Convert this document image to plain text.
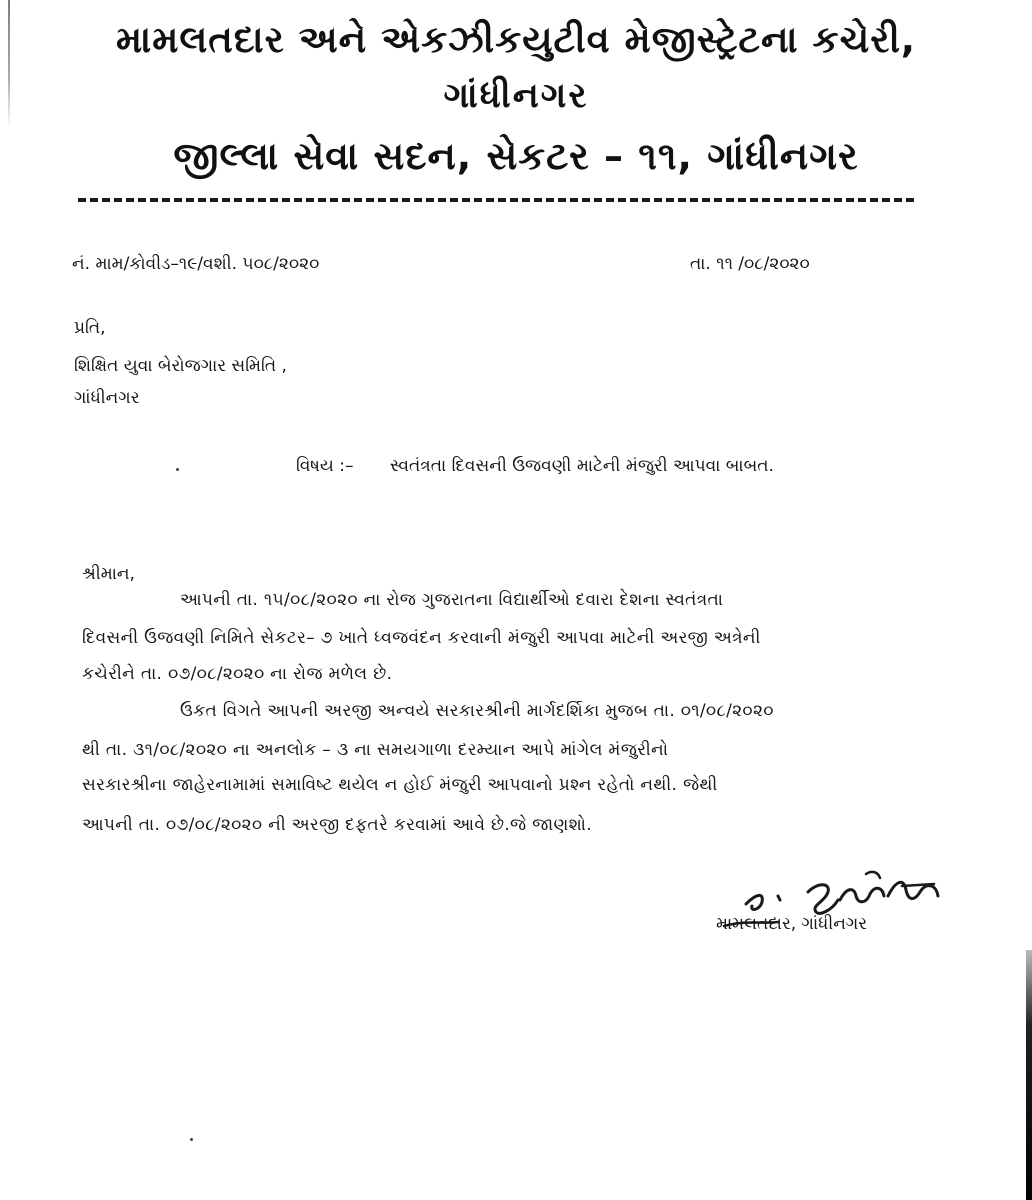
મામલતદાર અને એકઝીકયુટીવ મેજીસ્ટ્રેટના કચેરી,
ગાંધીનગર
જીલ્લા સેવા સદન, સેકટર – ૧૧, ગાંધીનગર
નં. મામ/કોવીડ–૧૯/વશી. ૫૦૮/૨૦૨૦	તા. ૧૧ /૦૮/૨૦૨૦
પ્રતિ,
શિક્ષિત યુવા બેરોજગાર સમિતિ ,
ગાંધીનગર
વિષય :– સ્વતંત્રતા દિવસની ઉજવણી માટેની મંજુરી આપવા બાબત.
શ્રીમાન,
આપની તા. ૧૫/૦૮/૨૦૨૦ ના રોજ ગુજરાતના વિદ્યાર્થીઓ દવારા દેશના સ્વતંત્રતા
દિવસની ઉજવણી નિમિતે સેકટર– ૭ ખાતે ધ્વજવંદન કરવાની મંજુરી આપવા માટેની અરજી અત્રેની
કચેરીને તા. ૦૭/૦૮/૨૦૨૦ ના રોજ મળેલ છે.
ઉકત વિગતે આપની અરજી અન્વયે સરકારશ્રીની માર્ગદર્શિકા મુજબ તા. ૦૧/૦૮/૨૦૨૦
થી તા. ૩૧/૦૮/૨૦૨૦ ના અનલોક – ૩ ના સમયગાળા દરમ્યાન આપે માંગેલ મંજુરીનો
સરકારશ્રીના જાહેરનામામાં સમાવિષ્ટ થયેલ ન હોઈ મંજુરી આપવાનો પ્રશ્ન રહેતો નથી. જેથી
આપની તા. ૦૭/૦૮/૨૦૨૦ ની અરજી દફતરે કરવામાં આવે છે.જે જાણશો.
મામલતદાર, ગાંધીનગર
